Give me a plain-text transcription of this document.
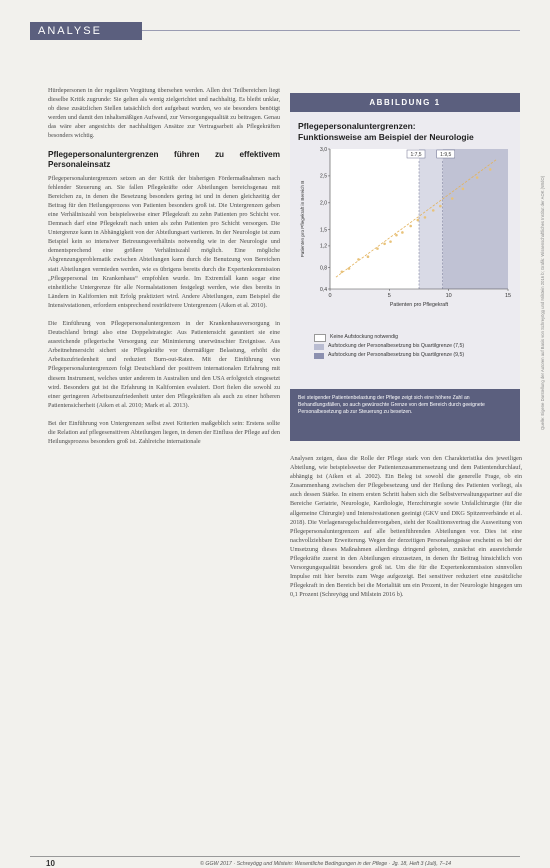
ANALYSE

Hürdepersonen in der regulären Vergütung übersehen werden. Allen drei Teilbereichen liegt dieselbe Kritik zugrunde: Sie gelten als wenig zielgerichtet und nachhaltig. Es bleibt unklar, ob diese zusätzlichen Stellen tatsächlich dort aufgebaut wurden, wo sie besonders benötigt werden und damit den inhaltsmäßigen Aufwand, zur Versorgungsqualität zu beitragen. Genau das wäre aber angesichts der nachhaltigen Ansätze zur Vertragsarbeit als Pflegekräften besonders wichtig.

Pflegepersonaluntergrenzen führen zu effektivem Personaleinsatz

Pflegepersonaluntergrenzen setzen an der Kritik der bisherigen Fördermaßnahmen nach fehlender Steuerung an. Sie fallen Pflegekräfte oder Abteilungen bereichsgenau mit Bereichen zu, in denen die Besetzung besonders gering ist und in denen gleichzeitig der Beitrag für den Heilungsprozess von Patienten besonders groß ist. Die Untergrenzen geben eine Verhältniszahl von beispielsweise einer Pflegekraft zu zehn Patienten pro Schicht vor. Demnach darf eine Pflegekraft nach unten als zehn Patienten pro Schicht versorgen. Die Untergrenze kann in Abhängigkeit von der Abteilungsart variieren. In der Neurologie ist zum Beispiel kein so intensiver Betreuungsverhältnis notwendig wie in der Neurologie und dementsprechend eine größere Verhältniszahl möglich. Eine mögliche Abgrenzungsproblematik zwischen Abteilungen kann durch die Benutzung von Bereichen statt Abteilungen vermieden werden, wie es übrigens bereits durch die Expertenkommission „Pflegepersonal im Krankenhaus“ empfohlen wurde. Im Extremfall kann sogar eine einheitliche Untergrenze für alle Normalstationen festgelegt werden, wie dies bereits in Ländern in Kalifornien mit Erfolg praktiziert wird. Andere Abteilungen, zum Beispiel die Intensivstationen, erfordern entsprechend restriktivere Untergrenzen (Aiken et al. 2010).

Die Einführung von Pflegepersonaluntergrenzen in der Krankenhausversorgung in Deutschland bringt also eine Doppelstrategie: Aus Patientensicht garantiert sie eine ausreichende pflegerische Versorgung zur Minimierung unerwünschter Ereignisse. Aus Arbeitnehmersicht sichert sie Pflegekräfte vor übermäßiger Belastung, erhöht die Arbeitszufriedenheit und reduziert Burn-out-Raten. Mit der Einführung von Pflegepersonaluntergrenzen folgt Deutschland der positiven internationalen Erfahrung mit diesem Instrument, welches unter anderem in Australien und den USA erfolgreich eingesetzt wird. Besonders gut ist die Erfahrung in Kalifornien evaluiert. Dort fielen die sowohl zu einer geringeren Arbeitsunzufriedenheit unter den Pflegekräften als auch zu einer höheren Patientensicherheit (Aiken et al. 2010; Mark et al. 2013).

Bei der Einführung von Untergrenzen selbst zwei Kriterien maßgeblich sein: Erstens sollte die Relation auf pflegesensitiven Abteilungen liegen, in denen der Einfluss der Pflege auf den Heilungsprozess besonders groß ist. Zahlreiche internationale

ABBILDUNG 1
Pflegepersonaluntergrenzen:
Funktionsweise am Beispiel der Neurologie
1:7,5	1:9,5
0	5	10	15
0,4
0,8
1,2
1,5
2,0
2,5
3,0
Patienten pro Pflegekraft
Patienten pro Pflegekraft in Bereich B
Keine Aufstockung notwendig
Aufstockung der Personalbesetzung bis Quartilgrenze (7,5)
Aufstockung der Personalbesetzung bis Quartilgrenze (9,5)
Bei steigender Patientenbelastung der Pflege zeigt sich eine höhere Zahl an Behandlungsfällen, so auch gewünschte Grenze von dem Bereich durch geeignete Personalbesetzung ab zur Steuerung zu besetzen.	Quelle: Eigene Darstellung der Autoren auf Basis von Schreyögg und Milstein 2016 b; Grafik: Wissenschaftliches Institut der AOK (WIdO)

Analysen zeigen, dass die Rolle der Pflege stark von den Charakteristika des jeweiligen Abteilung, wie beispielsweise der Patientenzusammensetzung und dem Patientendurchlauf, abhängig ist (Aiken et al. 2002). Ein Beleg ist sowohl die generelle Frage, ob ein Zusammenhang zwischen der Pflegebesetzung und der Heilung des Patienten vorliegt, als auch dessen Stärke. In einem ersten Schritt haben sich die Selbstverwaltungspartner auf die Bereiche Geriatrie, Neurologie, Kardiologie, Herzchirurgie sowie Unfallchirurgie (für die allgemeine Chirurgie) und Intensivstationen geeinigt (GKV und DKG Spitzenverbände et al. 2018). Die Vorlagensregelschuldenvorgaben, sieht der Koalitionsvertrag die Ausweitung von Pflegepersonaluntergrenzen auf alle bettenführenden Abteilungen vor. Dies ist eine nachvollziehbare Erweiterung. Wegen der derzeitigen Personalengpässe erscheint es bei der Umsetzung dieses Maßnahmen allerdings dringend geboten, zunächst ein ausreichende Pflegekräfte zuerst in den Abteilungen einzusetzen, in denen ihr Beitrag hinsichtlich von Versorgungsqualität besonders groß ist. Um die für die Expertenkommission sinnvollen Impulse mit hier bereits zum Wege aufgezeigt. Bei sensitiver reduziert eine zusätzliche Pflegekraft in den Bereich bei die Mortalität um ein Prozent, in der Neurologie hingegen um 0,1 Prozent (Schreyögg und Milstein 2016 b).

10	© GGW 2017 · Schreyögg und Milstein: Wesentliche Bedingungen in der Pflege · Jg. 18, Heft 3 (Juli), 7–14
